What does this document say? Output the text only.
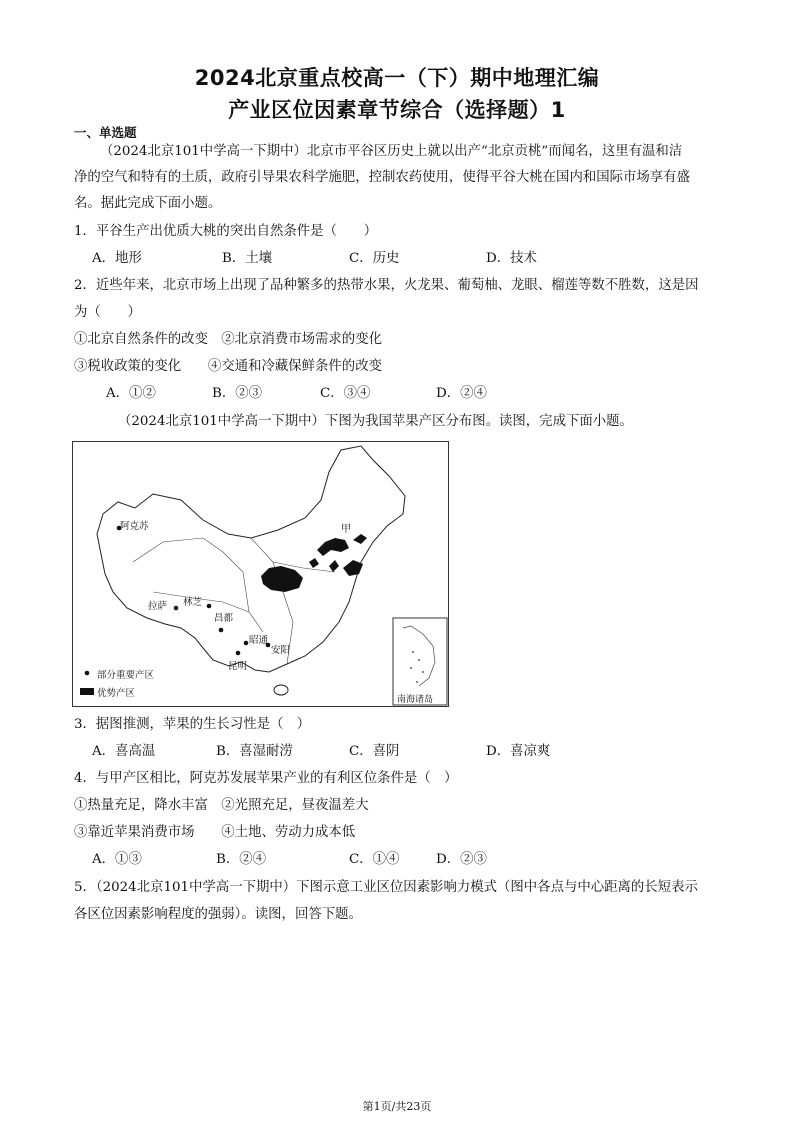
2024北京重点校高一（下）期中地理汇编
产业区位因素章节综合（选择题）1
一、单选题
（2024北京101中学高一下期中）北京市平谷区历史上就以出产“北京贡桃”而闻名，这里有温和洁
净的空气和特有的土质，政府引导果农科学施肥，控制农药使用，使得平谷大桃在国内和国际市场享有盛
名。据此完成下面小题。
1．平谷生产出优质大桃的突出自然条件是（　　）
A．地形	B．土壤	C．历史	D．技术
2．近些年来，北京市场上出现了品种繁多的热带水果，火龙果、葡萄柚、龙眼、榴莲等数不胜数，这是因
为（　　）
①北京自然条件的改变　②北京消费市场需求的变化
③税收政策的变化　　④交通和冷藏保鲜条件的改变
A．①②	B．②③	C．③④	D．②④
（2024北京101中学高一下期中）下图为我国苹果产区分布图。读图，完成下面小题。
甲
阿克苏
拉萨 林芝
昌都
昭通
安阳
昆明
部分重要产区
优势产区
南海诸岛
3．据图推测，苹果的生长习性是（　）
A．喜高温	B．喜湿耐涝	C．喜阴	D．喜凉爽
4．与甲产区相比，阿克苏发展苹果产业的有利区位条件是（　）
①热量充足，降水丰富　②光照充足，昼夜温差大
③靠近苹果消费市场　　④土地、劳动力成本低
A．①③	B．②④	C．①④	D．②③
5．（2024北京101中学高一下期中）下图示意工业区位因素影响力模式（图中各点与中心距离的长短表示
各区位因素影响程度的强弱）。读图，回答下题。
第1页/共23页
